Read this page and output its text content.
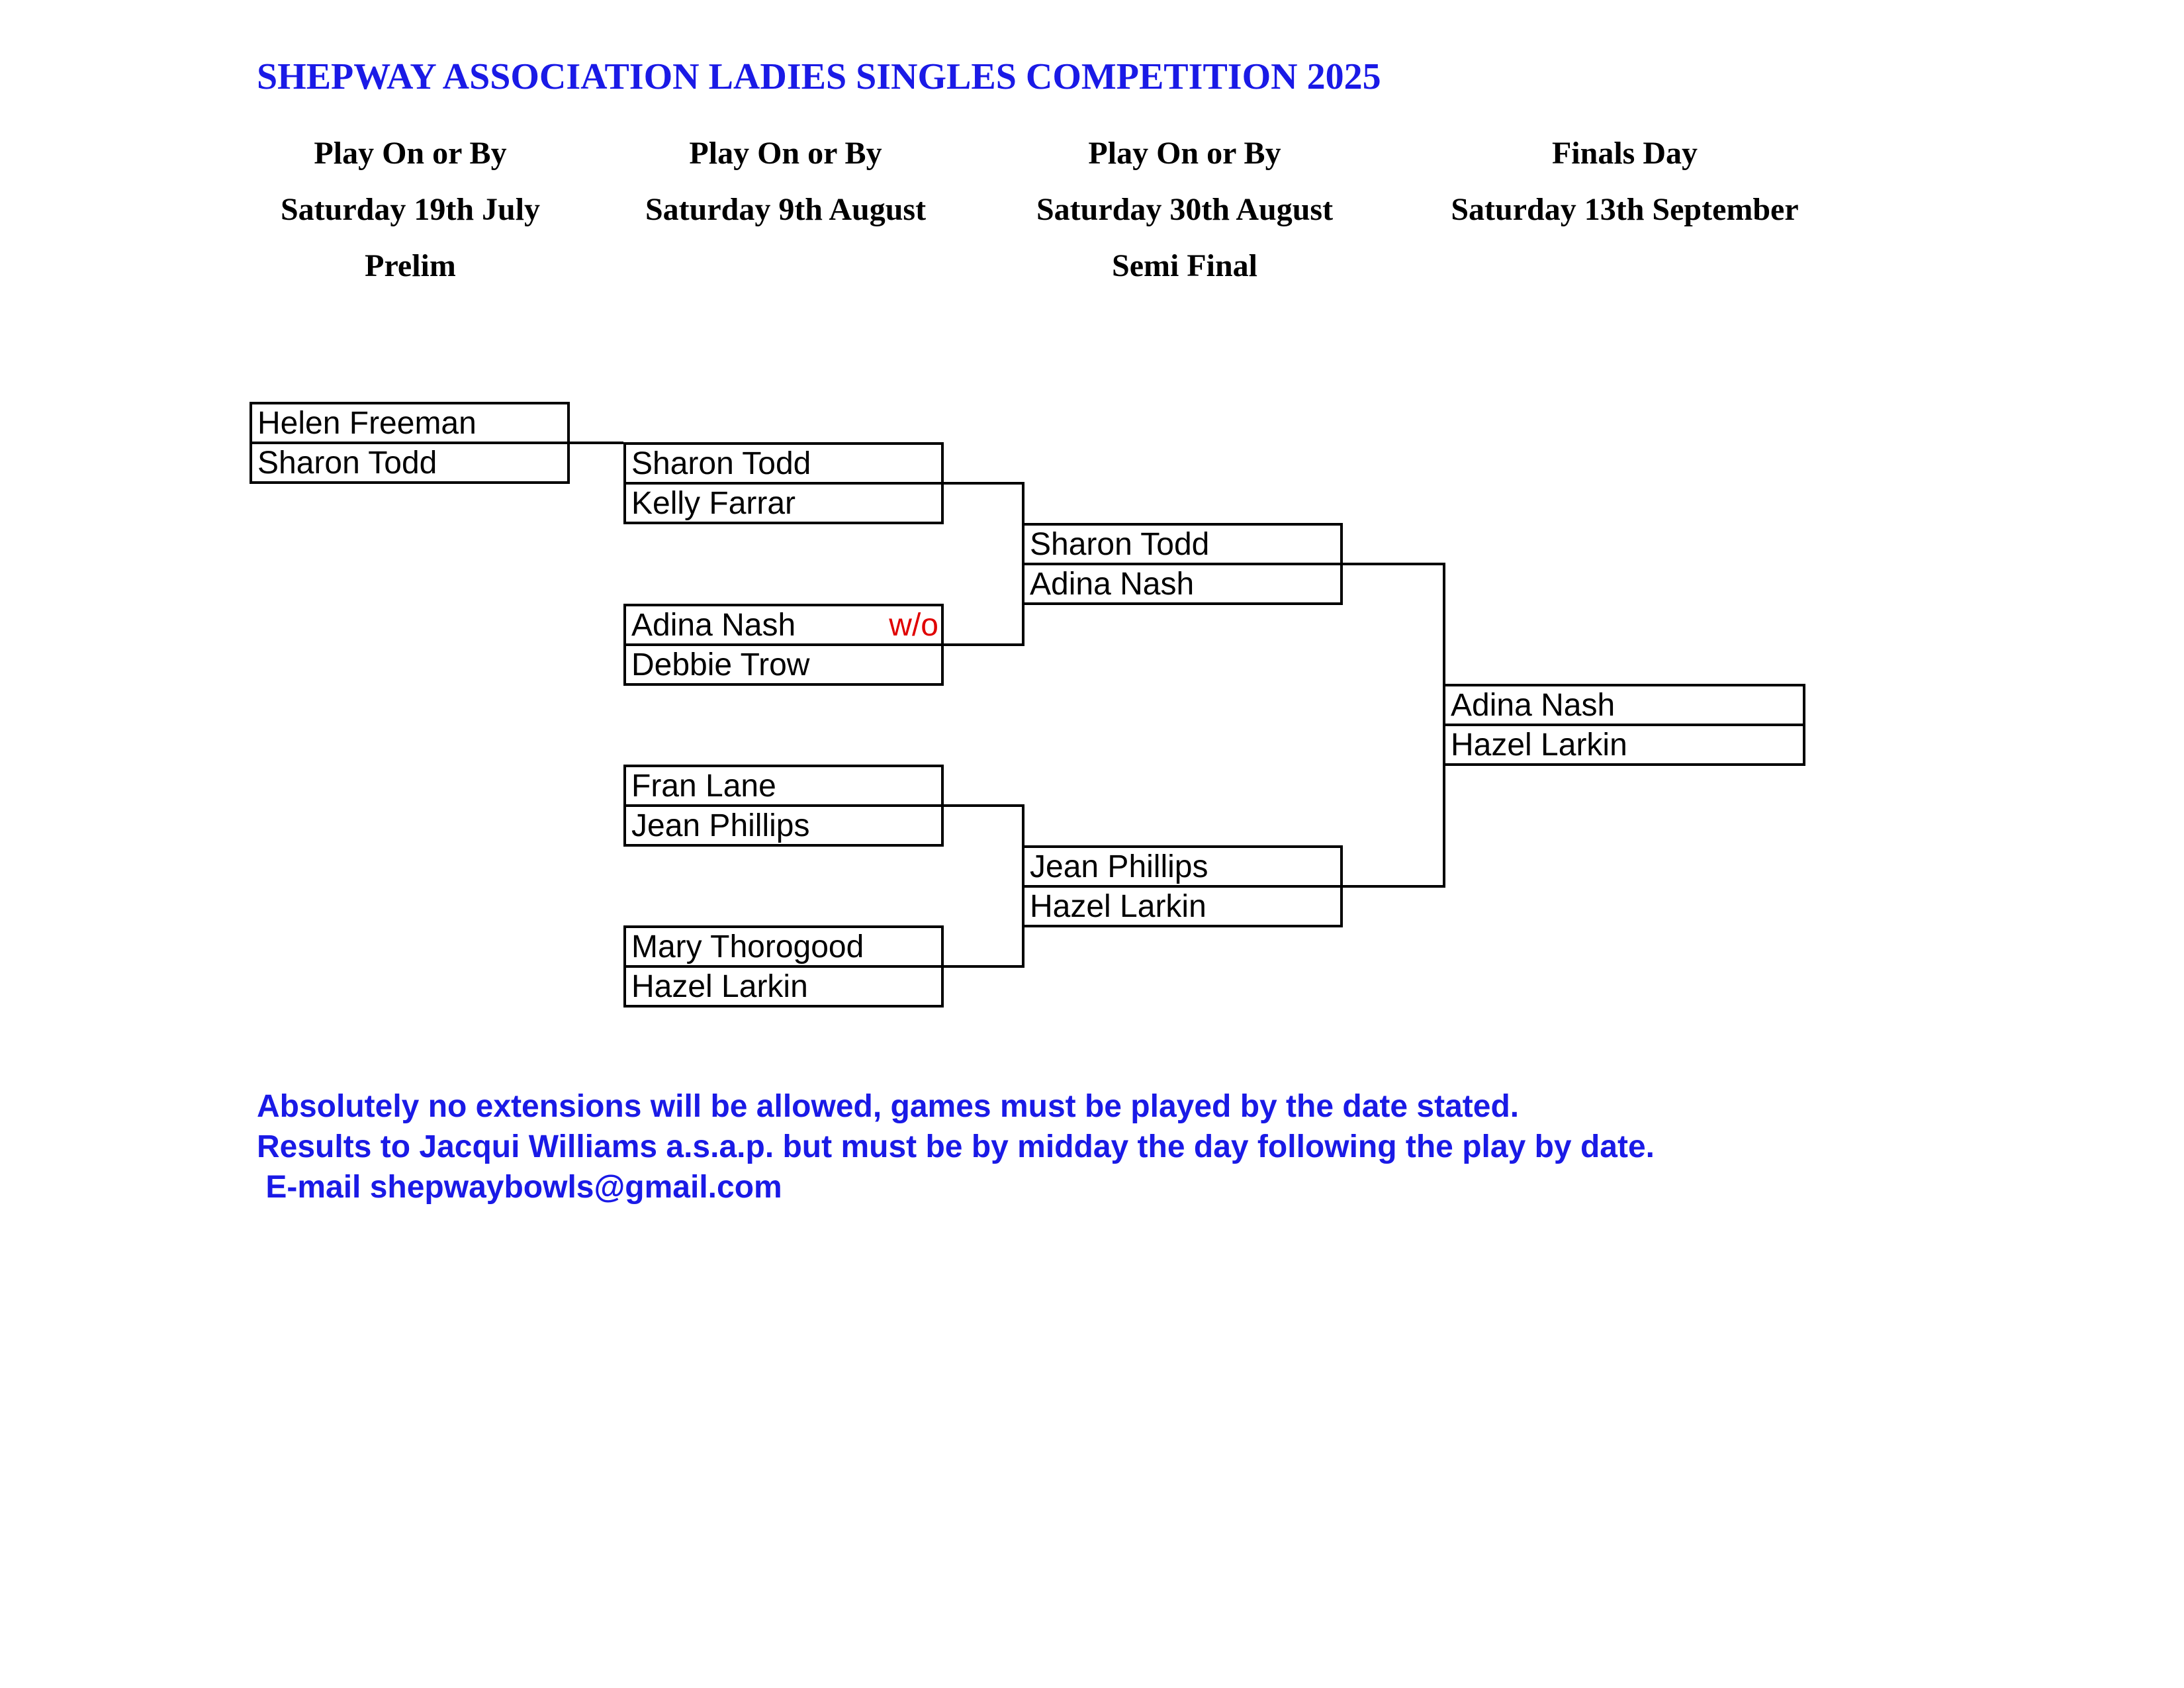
SHEPWAY ASSOCIATION LADIES SINGLES COMPETITION 2025
Play On or By
Saturday 19th July
Prelim
Play On or By
Saturday 9th August
Play On or By
Saturday 30th August
Semi Final
Finals Day
Saturday 13th September
Helen Freeman
Sharon Todd	Sharon Todd
Kelly Farrar
Adina Nash	w/o
Debbie Trow
Fran Lane
Jean Phillips
Mary Thorogood
Hazel Larkin
Sharon Todd
Adina Nash
Jean Phillips
Hazel Larkin
Adina Nash
Hazel Larkin
Absolutely no extensions will be allowed, games must be played by the date stated.
Results to Jacqui Williams a.s.a.p. but must be by midday the day following the play by date.
E-mail shepwaybowls@gmail.com
